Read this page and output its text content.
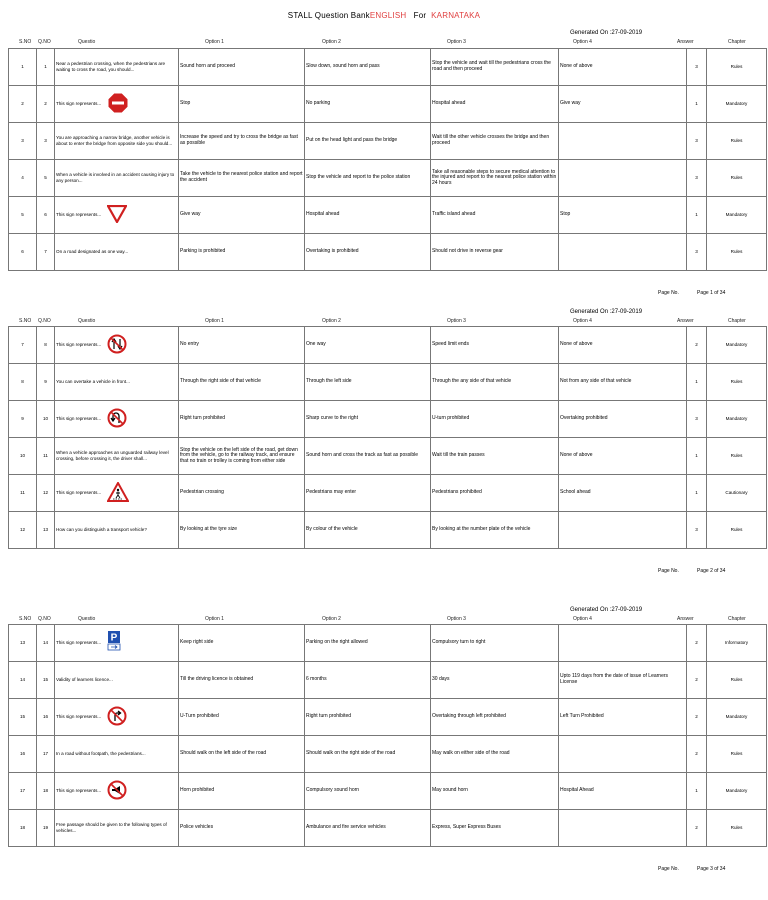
STALL Question BankENGLISH For KARNATAKA
Generated On :27-09-2019
S.NO Q.NO	Questio	Option 1	Option 2	Option 3	Option 4	Answer	Chapter
1	1	Near a pedestrian crossing, when the pedestrians are waiting to cross the road, you should...	Sound horn and proceed	Slow down, sound horn and pass	Stop the vehicle and wait till the pedestrians cross the road and then proceed	None of above	3	Rules
2	2	This sign represents...	Stop	No parking	Hospital ahead	Give way	1	Mandatory
3	3	You are approaching a narrow bridge, another vehicle is about to enter the bridge from opposite side you should...	Increase the speed and try to cross the bridge as fast as possible	Put on the head light and pass the bridge	Wait till the other vehicle crosses the bridge and then proceed		3	Rules
4	5	When a vehicle is involved in an accident causing injury to any person...	Take the vehicle to the nearest police station and report the accident	Stop the vehicle and report to the police station	Take all reasonable steps to secure medical attention to the injured and report to the nearest police station within 24 hours		3	Rules
5	6	This sign represents...	Give way	Hospital ahead	Traffic island ahead	Stop	1	Mandatory
6	7	On a road designated as one way...	Parking is prohibited	Overtaking is prohibited	Should not drive in reverse gear		3	Rules
Page No.	Page 1 of 34
Generated On :27-09-2019
S.NO Q.NO	Questio	Option 1	Option 2	Option 3	Option 4	Answer	Chapter
7	8	This sign represents...	No entry	One way	Speed limit ends	None of above	2	Mandatory
8	9	You can overtake a vehicle in front...	Through the right side of that vehicle	Through the left side	Through the any side of that vehicle	Not from any side of that vehicle	1	Rules
9	10	This sign represents...	Right turn prohibited	Sharp curve to the right	U-turn prohibited	Overtaking prohibited	3	Mandatory
10	11	When a vehicle approaches an unguarded railway level crossing, before crossing it, the driver shall...	Stop the vehicle on the left side of the road, get down from the vehicle, go to the railway track, and ensure that no train or trolley is coming from either side	Sound horn and cross the track as fast as possible	Wait till the train passes	None of above	1	Rules
11	12	This sign represents...	Pedestrian crossing	Pedestrians may enter	Pedestrians prohibited	School ahead	1	Cautionary
12	13	How can you distinguish a transport vehicle?	By looking at the tyre size	By colour of the vehicle	By looking at the number plate of the vehicle		3	Rules
Page No.	Page 2 of 34
Generated On :27-09-2019
S.NO Q.NO	Questio	Option 1	Option 2	Option 3	Option 4	Answer	Chapter
13	14	This sign represents... P	Keep right side	Parking on the right allowed	Compulsory turn to right		2	Informatory
14	15	Validity of learners licence...	Till the driving licence is obtained	6 months	30 days	Upto 119 days from the date of issue of Learners License	2	Rules
15	16	This sign represents...	U-Turn prohibited	Right turn prohibited	Overtaking through left prohibited	Left Turn Prohibited	2	Mandatory
16	17	In a road without footpath, the pedestrians...	Should walk on the left side of the road	Should walk on the right side of the road	May walk on either side of the road		2	Rules
17	18	This sign represents...	Horn prohibited	Compulsory sound horn	May sound horn	Hospital Ahead	1	Mandatory
18	19	Free passage should be given to the following types of vehicles...	Police vehicles	Ambulance and fire service vehicles	Express, Super Express Buses		2	Rules
Page No.	Page 3 of 34
